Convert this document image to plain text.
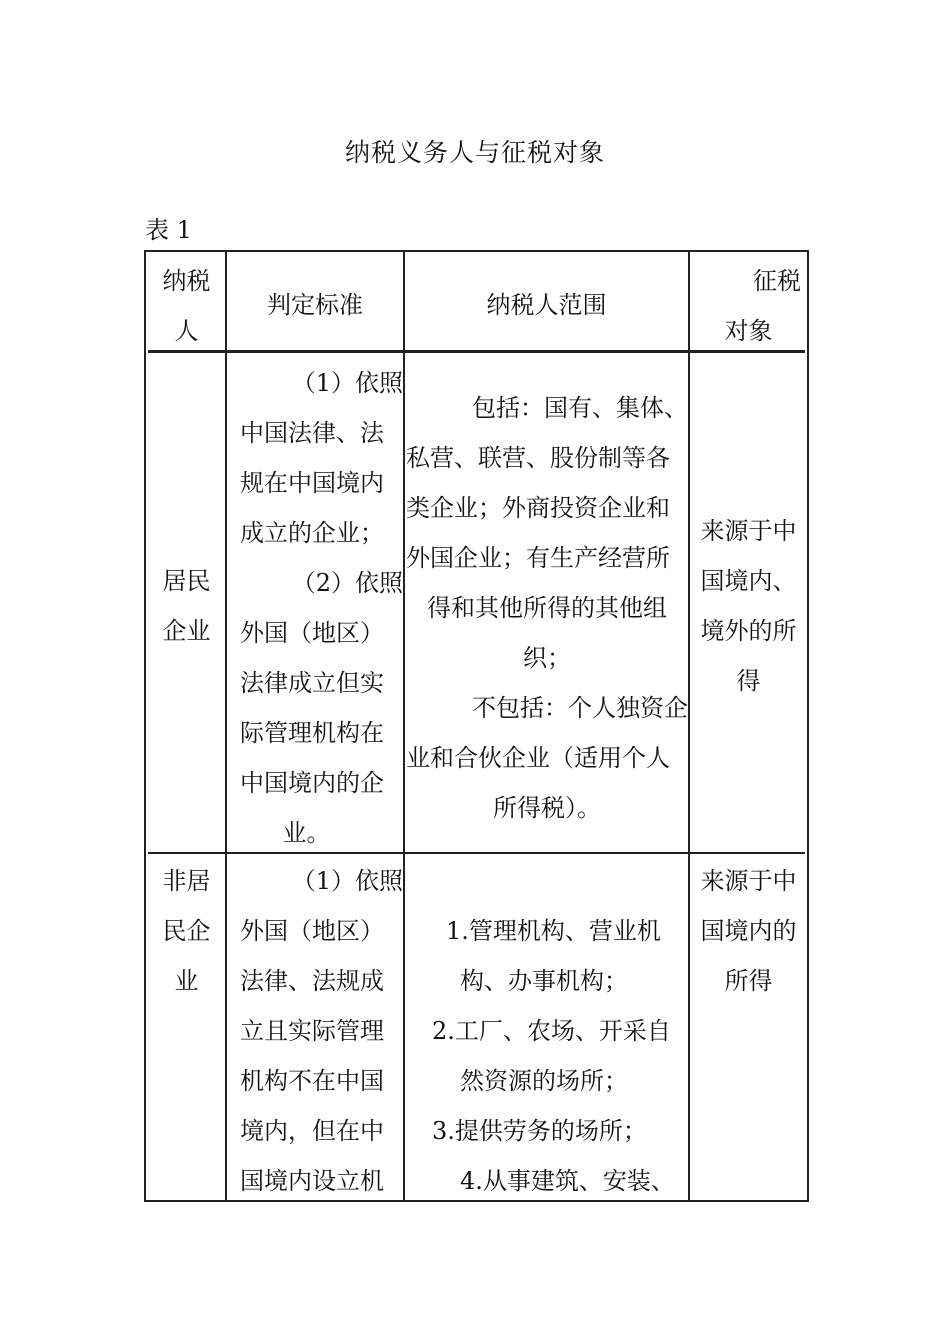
纳税义务人与征税对象
表 1
纳税
人
判定标准	纳税人范围
征税
对象
居民
企业
（1）依照
中国法律、法
规在中国境内
成立的企业；
（2）依照
外国（地区）
法律成立但实
际管理机构在
中国境内的企
业。
包括：国有、集体、
私营、联营、股份制等各
类企业；外商投资企业和
外国企业；有生产经营所
得和其他所得的其他组
织；
不包括：个人独资企
业和合伙企业（适用个人
所得税）。
来源于中
国境内、
境外的所
得
非居
民企
业
（1）依照
外国（地区）
法律、法规成
立且实际管理
机构不在中国
境内，但在中
国境内设立机
1.管理机构、营业机
构、办事机构；
2.工厂、农场、开采自
然资源的场所；
3.提供劳务的场所；
4.从事建筑、安装、
来源于中
国境内的
所得
